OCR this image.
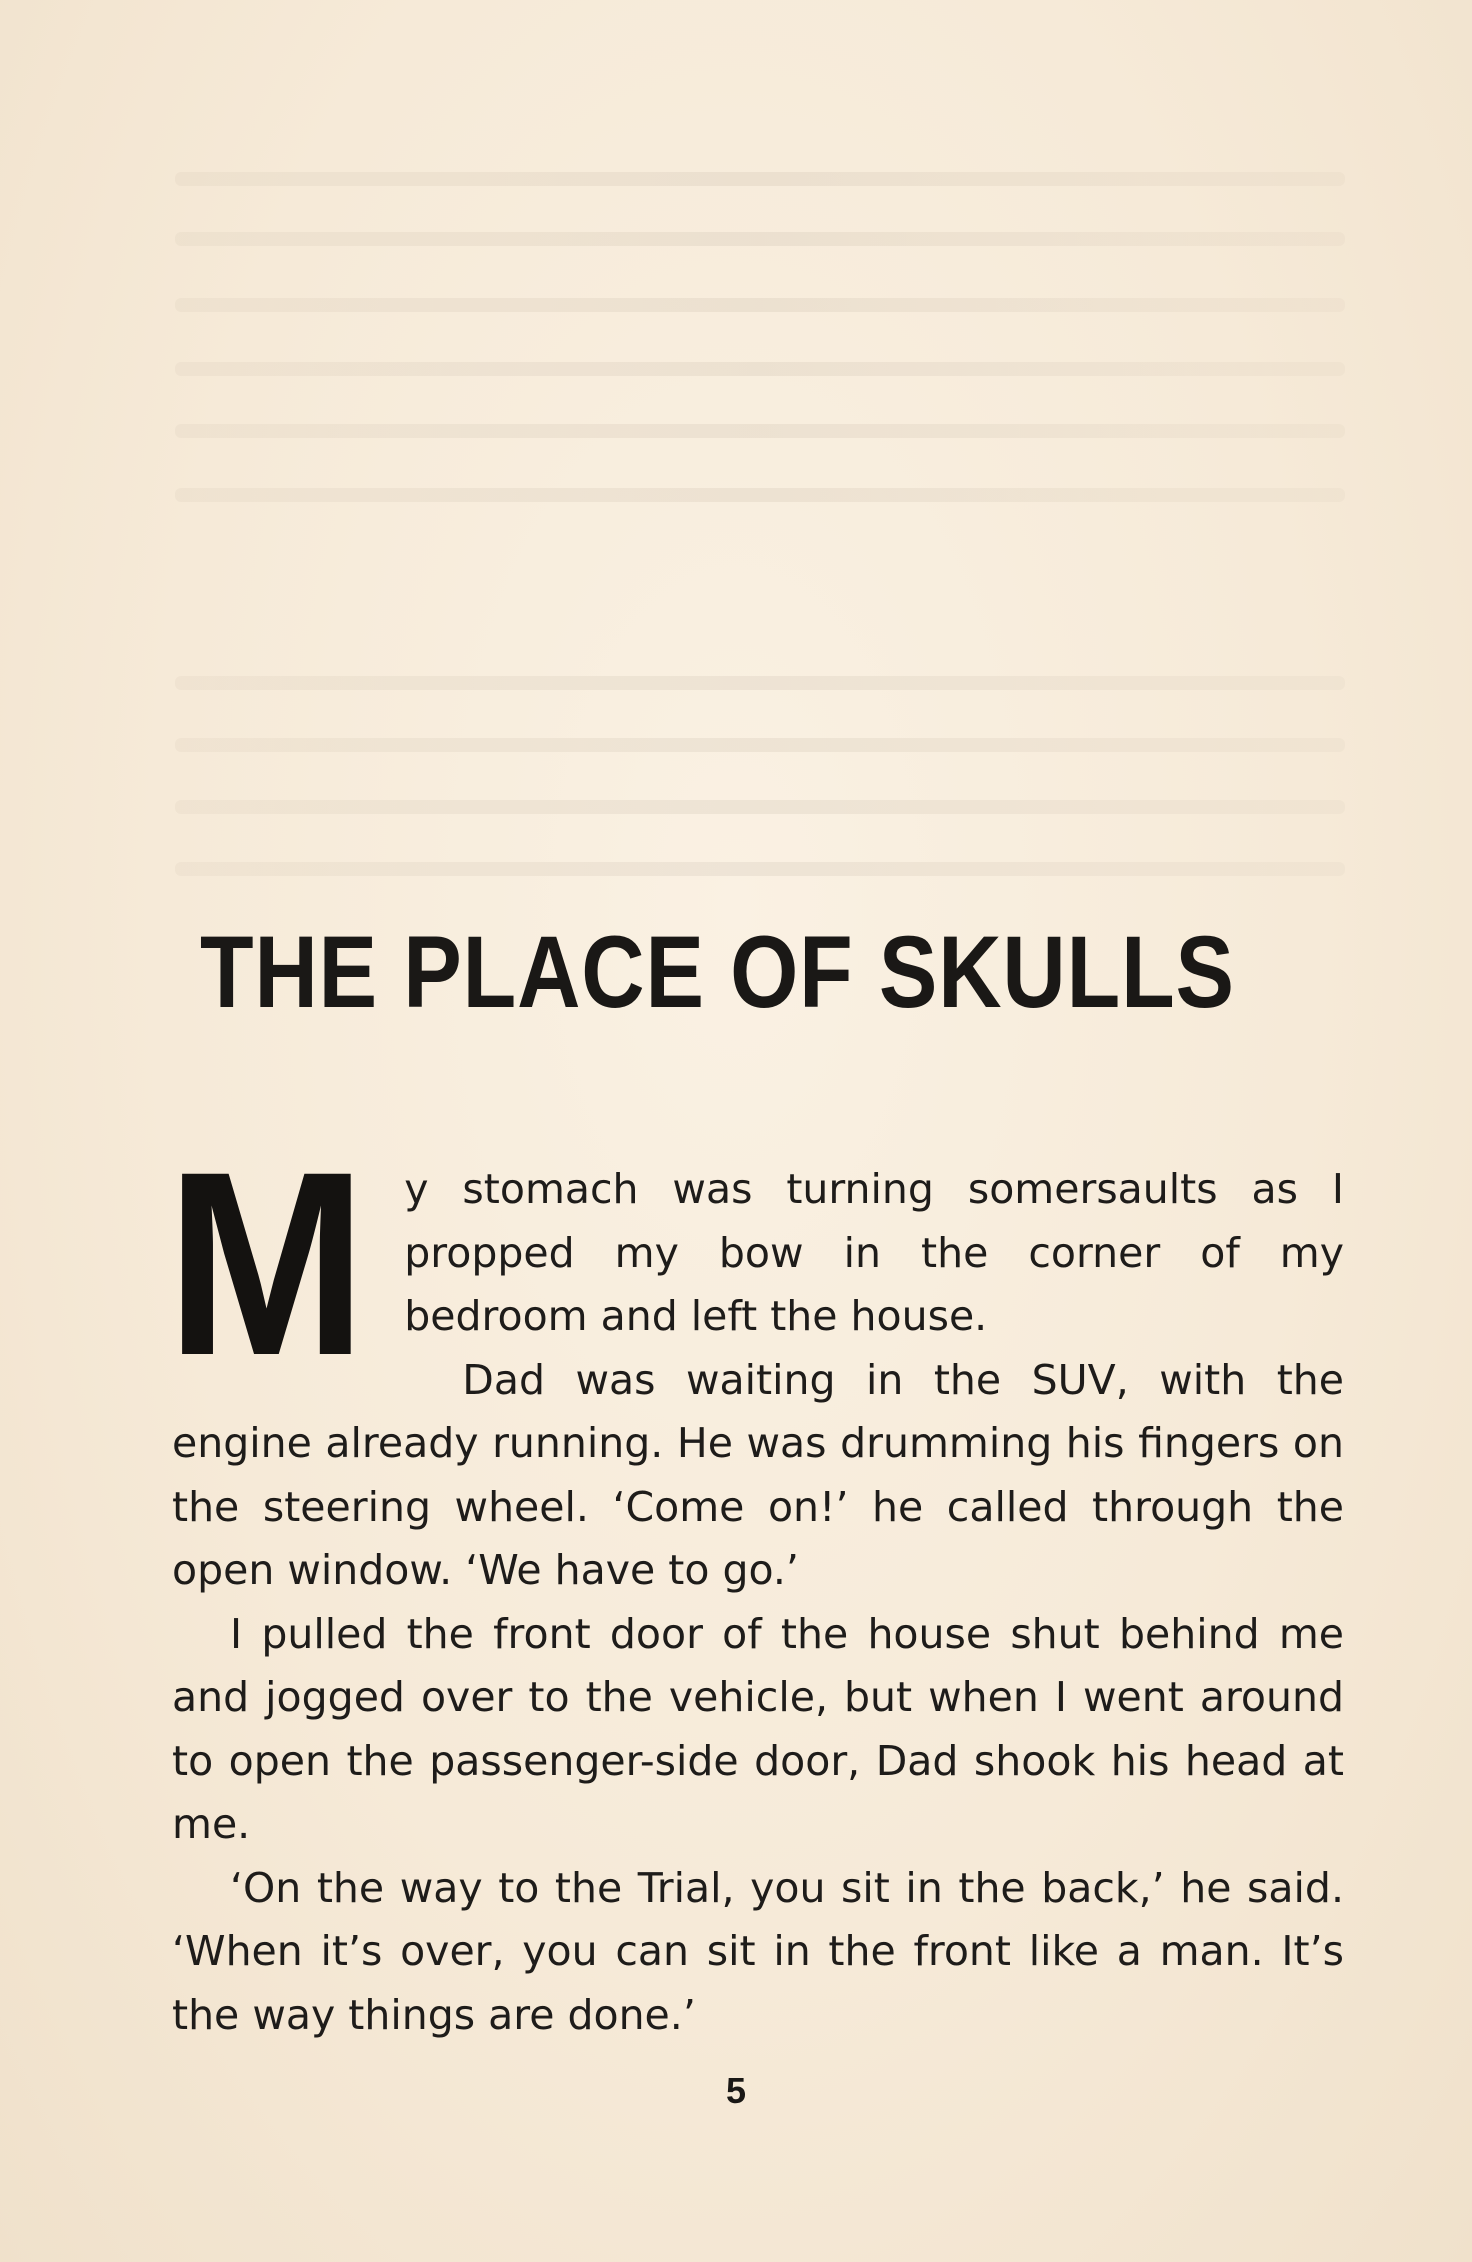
THE PLACE OF SKULLS
M y stomach was turning somersaults as I propped my bow in the corner of my bedroom and left the house.

Dad was waiting in the SUV, with the engine already running. He was drumming his fingers on the steering wheel. ‘Come on!’ he called through the open window. ‘We have to go.’

I pulled the front door of the house shut behind me and jogged over to the vehicle, but when I went around to open the passenger-side door, Dad shook his head at me.

‘On the way to the Trial, you sit in the back,’ he said. ‘When it’s over, you can sit in the front like a man. It’s the way things are done.’

5
